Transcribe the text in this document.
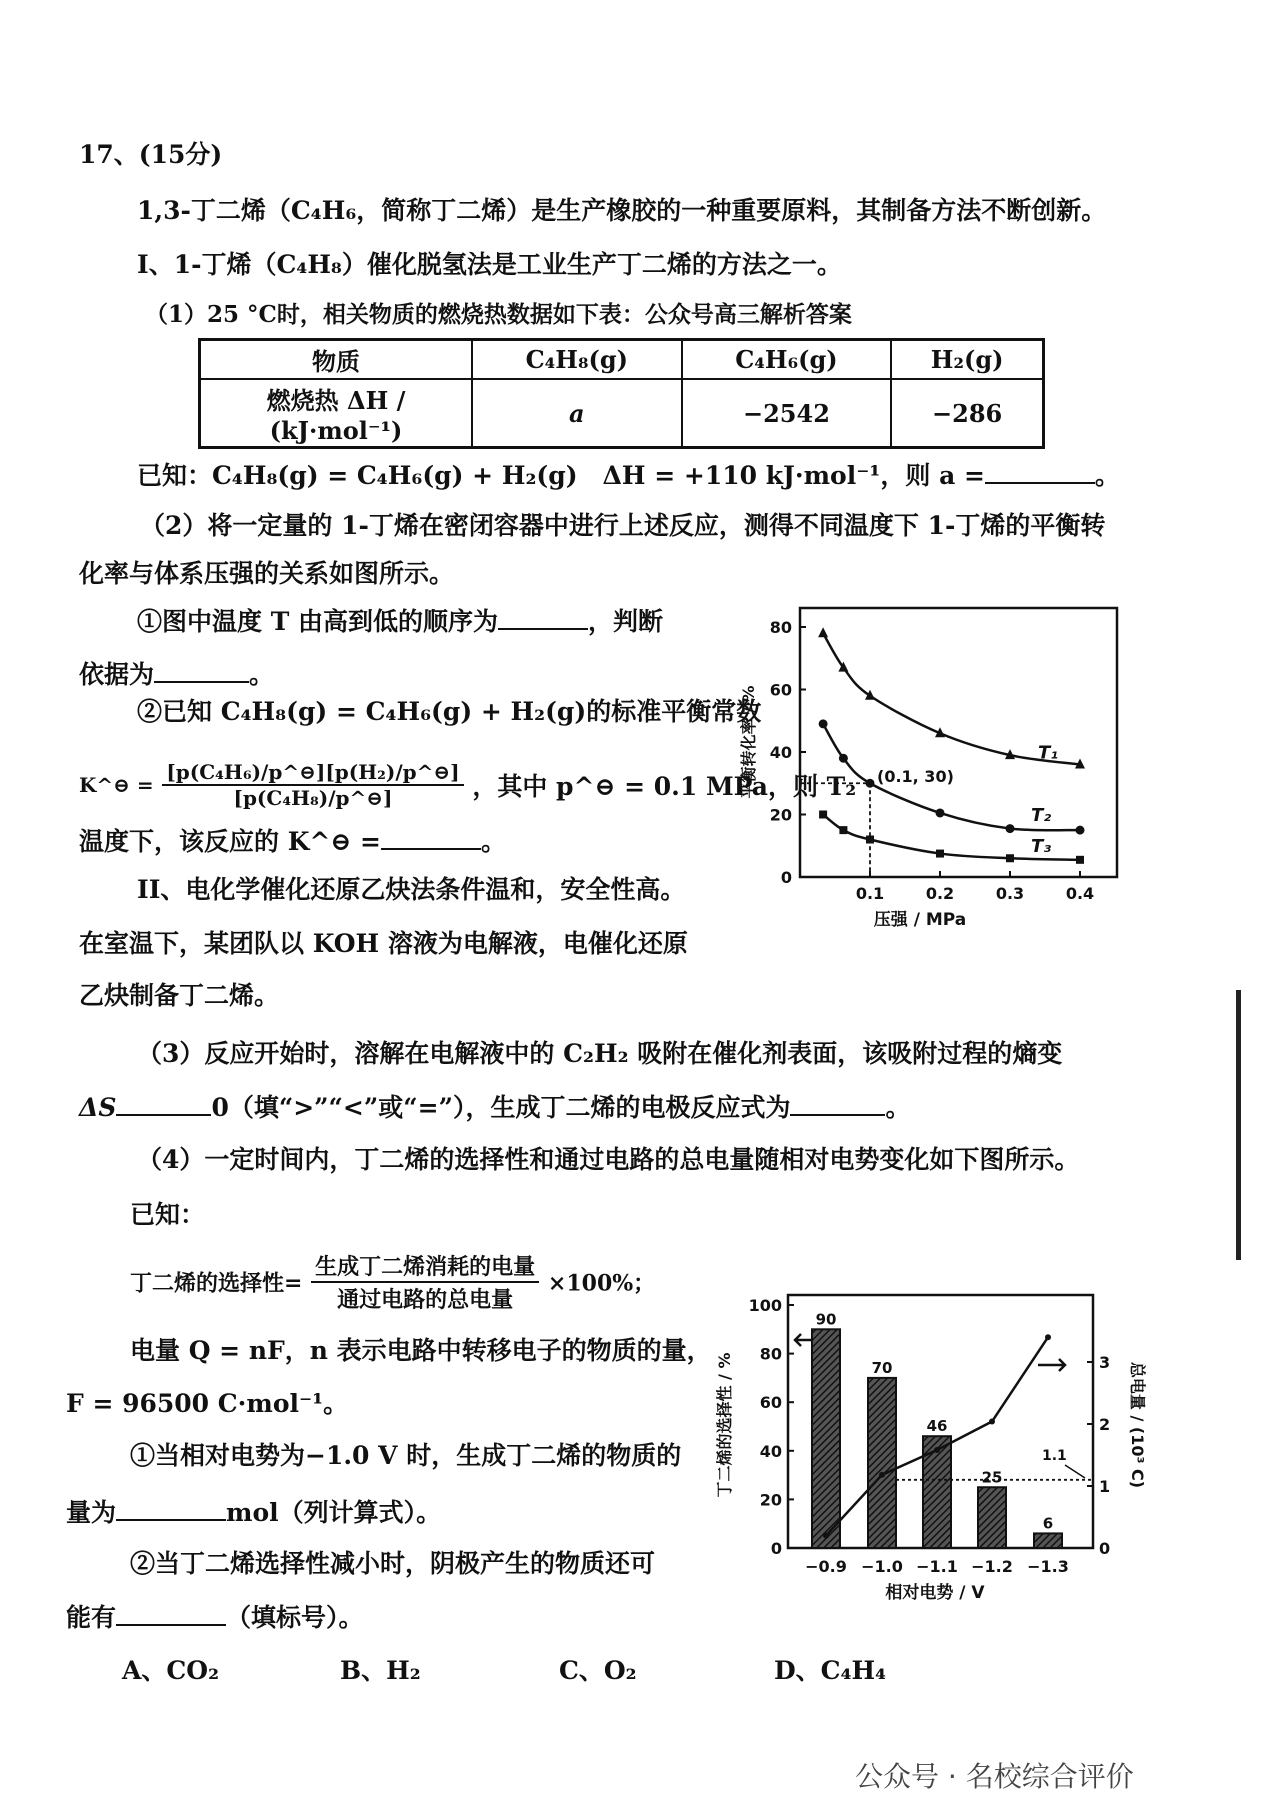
17、(15分)
1,3-丁二烯（C₄H₆，简称丁二烯）是生产橡胶的一种重要原料，其制备方法不断创新。
I、1-丁烯（C₄H₈）催化脱氢法是工业生产丁二烯的方法之一。
（1）25 °C时，相关物质的燃烧热数据如下表：公众号高三解析答案
物质	C₄H₈(g)	C₄H₆(g)	H₂(g)
燃烧热 ΔH / (kJ·mol⁻¹)	a	−2542	−286
已知：C₄H₈(g) = C₄H₆(g) + H₂(g)　ΔH = +110 kJ·mol⁻¹，则 a =	。
（2）将一定量的 1-丁烯在密闭容器中进行上述反应，测得不同温度下 1-丁烯的平衡转
化率与体系压强的关系如图所示。
①图中温度 T 由高到低的顺序为	，判断
依据为	。
②已知 C₄H₈(g) = C₄H₆(g) + H₂(g)的标准平衡常数
K^⊖ = $\frac{\text{[p(C₄H₆)/p\textasciicircum{}⊖][p(H₂)/p\textasciicircum{}⊖]}}{\text{[p(C₄H₈)/p\textasciicircum{}⊖]}}$ ，其中 p^⊖ = 0.1 MPa，则 T₂
温度下，该反应的 K^⊖ =	。
II、电化学催化还原乙炔法条件温和，安全性高。
在室温下，某团队以 KOH 溶液为电解液，电催化还原
乙炔制备丁二烯。
（3）反应开始时，溶解在电解液中的 C₂H₂ 吸附在催化剂表面，该吸附过程的熵变
ΔS	0（填“>”“<”或“=”），生成丁二烯的电极反应式为	。
（4）一定时间内，丁二烯的选择性和通过电路的总电量随相对电势变化如下图所示。
已知：
丁二烯的选择性= $\frac{\text{生成丁二烯消耗的电量}}{\text{通过电路的总电量}} \times 100\%$；
电量 Q = nF，n 表示电路中转移电子的物质的量，
F = 96500 C·mol⁻¹。
①当相对电势为−1.0 V 时，生成丁二烯的物质的
量为	mol（列计算式）。
②当丁二烯选择性减小时，阴极产生的物质还可
能有	（填标号）。
A、CO₂	B、H₂	C、O₂	D、C₄H₄
0
20
40
60
80
0.1	0.2	0.3	0.4
T₁
T₂
T₃
压强 / MPa
平衡转化率 / %	(0.1, 30)
0
20
40
60
80
100
0
1
2
3
−0.9 −1.0 −1.1 −1.2 −1.3
90
70
46
25
6
相对电势 / V
丁二烯的选择性 / %	总电量 / (10³ C)
1.1
公众号 · 名校综合评价
